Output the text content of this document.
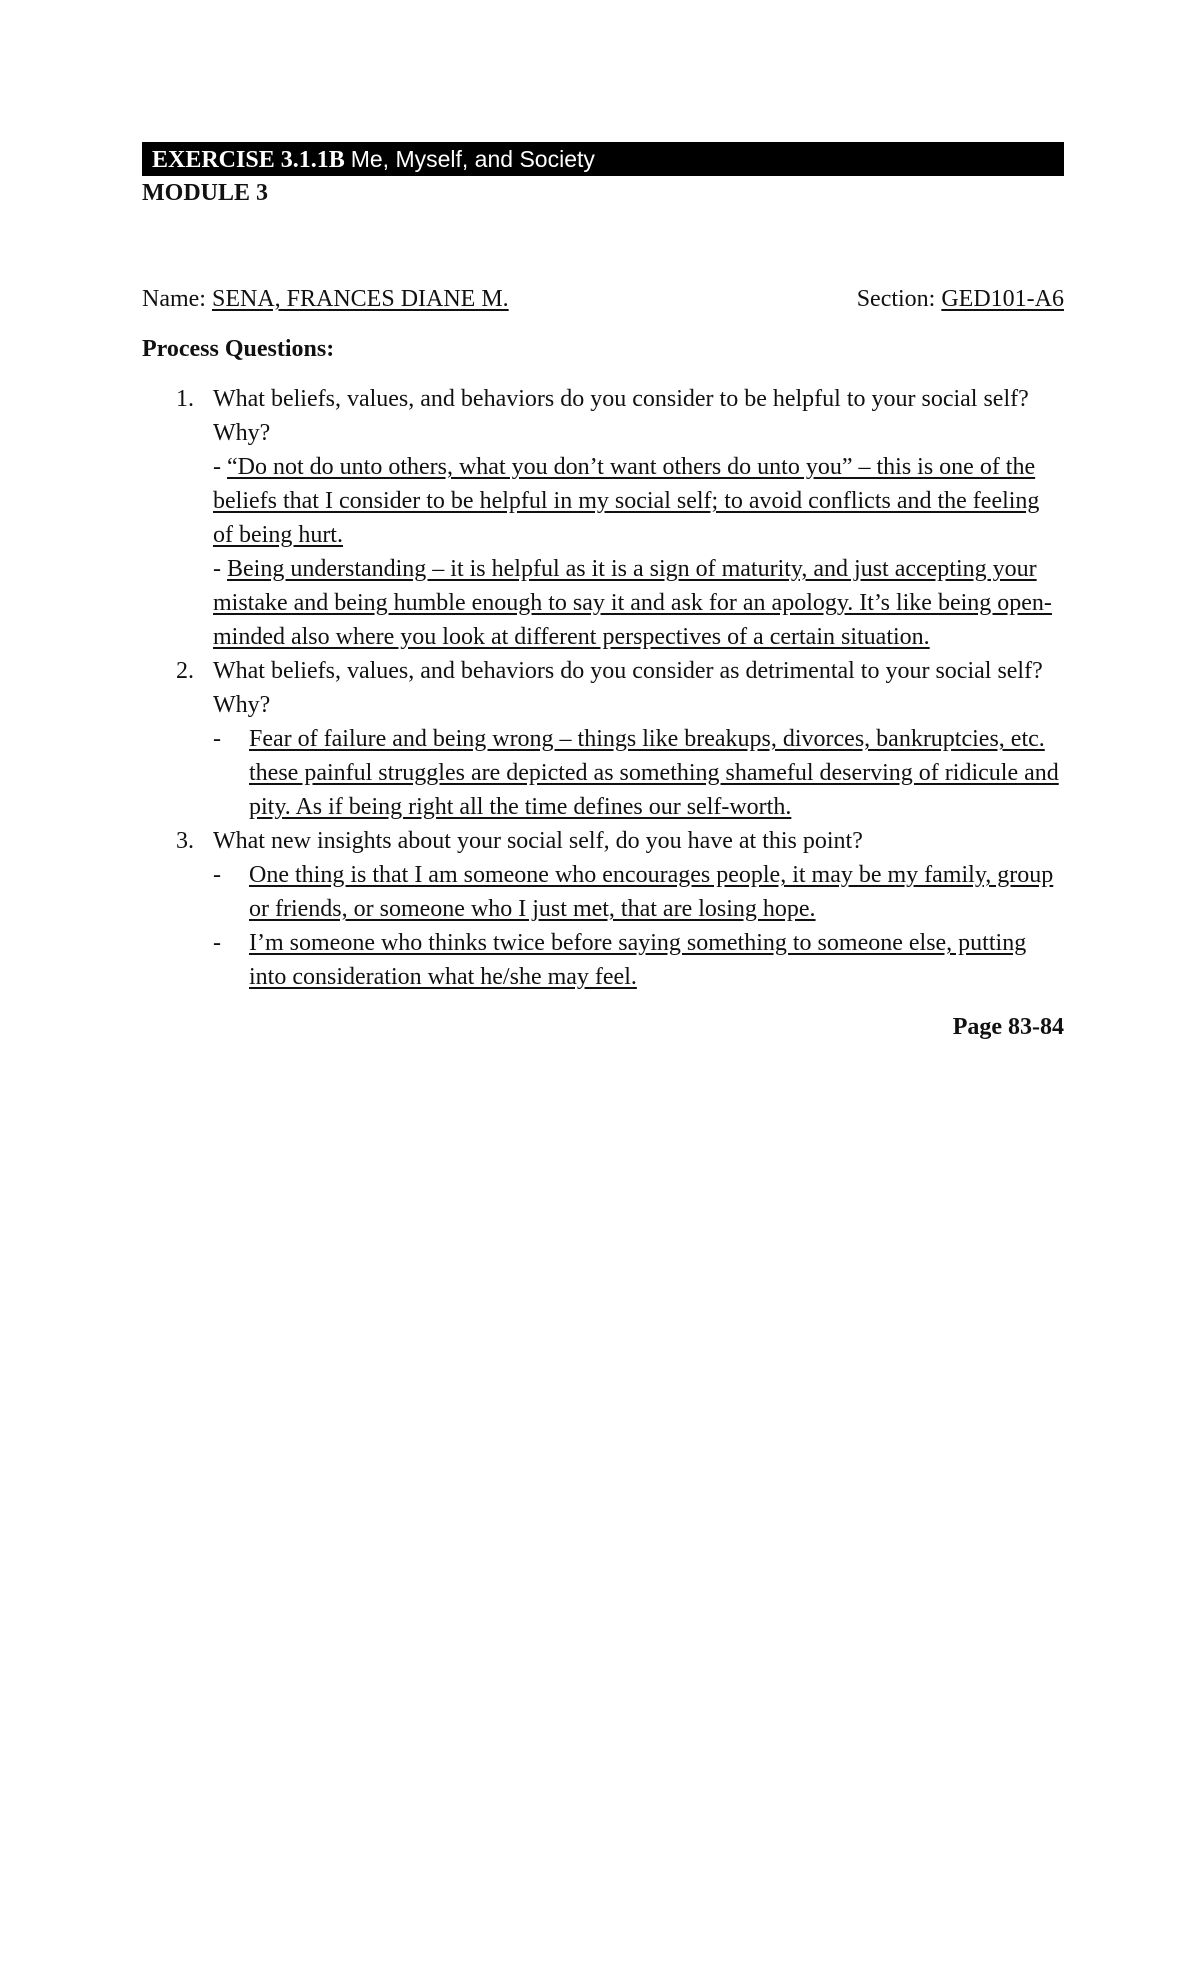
EXERCISE 3.1.1B Me, Myself, and Society
MODULE 3
Name: SENA, FRANCES DIANE M.	Section: GED101-A6
Process Questions:
1. What beliefs, values, and behaviors do you consider to be helpful to your social self? Why?
- “Do not do unto others, what you don’t want others do unto you” – this is one of the beliefs that I consider to be helpful in my social self; to avoid conflicts and the feeling of being hurt.
- Being understanding – it is helpful as it is a sign of maturity, and just accepting your mistake and being humble enough to say it and ask for an apology. It’s like being open-minded also where you look at different perspectives of a certain situation.
2. What beliefs, values, and behaviors do you consider as detrimental to your social self? Why?
- Fear of failure and being wrong – things like breakups, divorces, bankruptcies, etc. these painful struggles are depicted as something shameful deserving of ridicule and pity. As if being right all the time defines our self-worth.
3. What new insights about your social self, do you have at this point?
- One thing is that I am someone who encourages people, it may be my family, group or friends, or someone who I just met, that are losing hope.
- I’m someone who thinks twice before saying something to someone else, putting into consideration what he/she may feel.
Page 83-84
